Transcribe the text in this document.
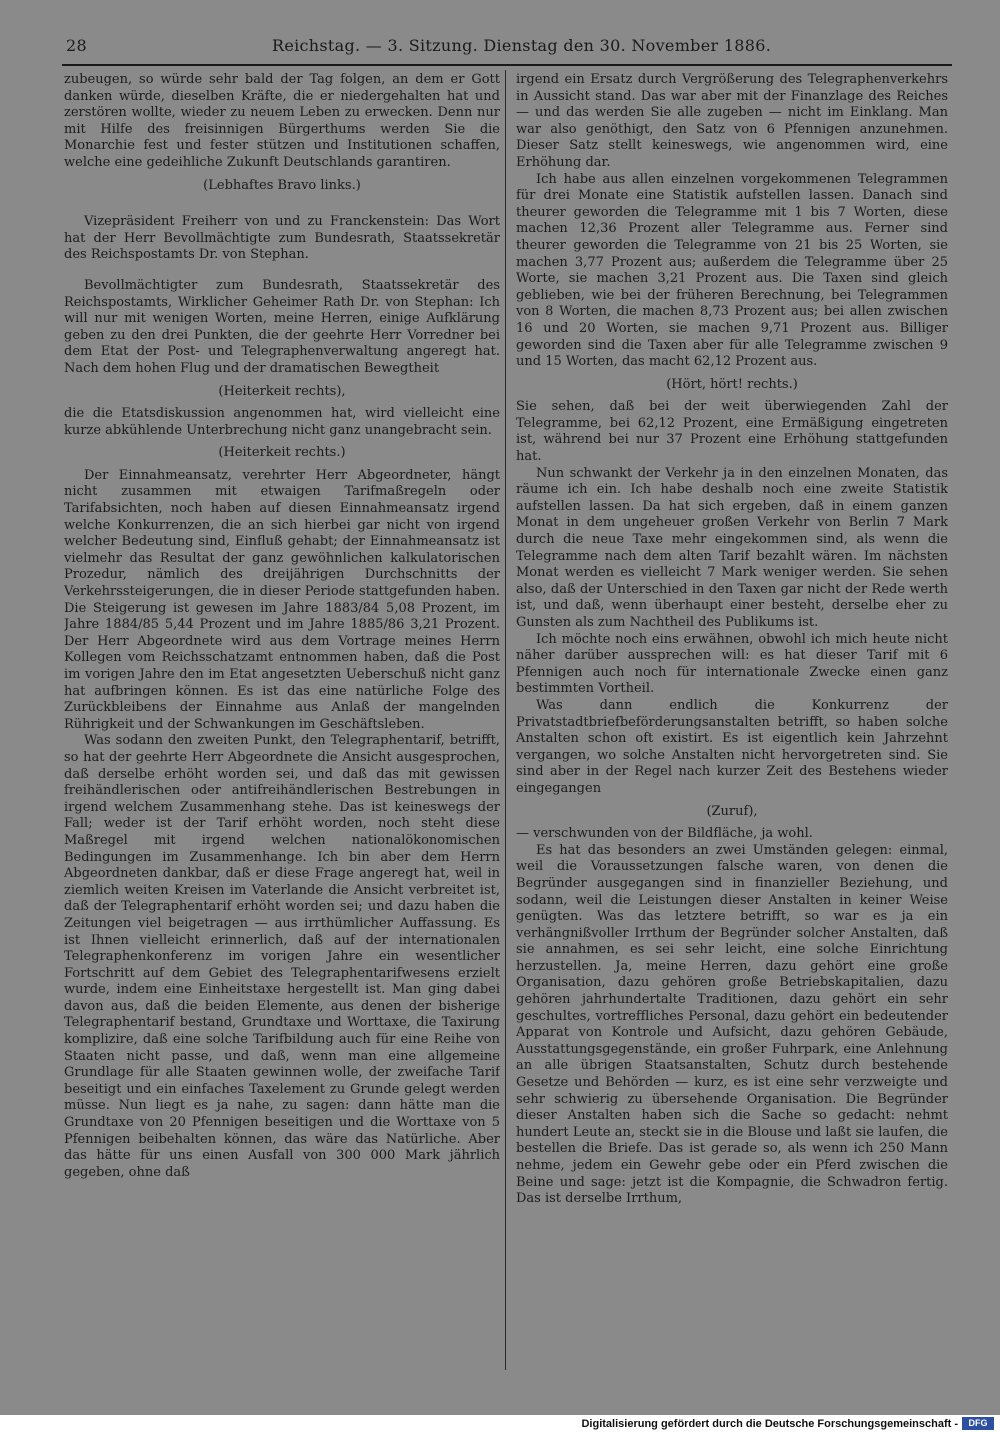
28	Reichstag. — 3. Sitzung. Dienstag den 30. November 1886.

zubeugen, so würde sehr bald der Tag folgen, an dem er Gott danken würde, dieselben Kräfte, die er niedergehalten hat und zerstören wollte, wieder zu neuem Leben zu erwecken. Denn nur mit Hilfe des freisinnigen Bürgerthums werden Sie die Monarchie fest und fester stützen und Institutionen schaffen, welche eine gedeihliche Zukunft Deutschlands garantiren.

(Lebhaftes Bravo links.)

Vizepräsident Freiherr von und zu Franckenstein: Das Wort hat der Herr Bevollmächtigte zum Bundesrath, Staatssekretär des Reichspostamts Dr. von Stephan.

Bevollmächtigter zum Bundesrath, Staatssekretär des Reichspostamts, Wirklicher Geheimer Rath Dr. von Stephan: Ich will nur mit wenigen Worten, meine Herren, einige Aufklärung geben zu den drei Punkten, die der geehrte Herr Vorredner bei dem Etat der Post- und Telegraphenverwaltung angeregt hat. Nach dem hohen Flug und der dramatischen Bewegtheit

(Heiterkeit rechts),

die die Etatsdiskussion angenommen hat, wird vielleicht eine kurze abkühlende Unterbrechung nicht ganz unangebracht sein.

(Heiterkeit rechts.)

Der Einnahmeansatz, verehrter Herr Abgeordneter, hängt nicht zusammen mit etwaigen Tarifmaßregeln oder Tarifabsichten, noch haben auf diesen Einnahmeansatz irgend welche Konkurrenzen, die an sich hierbei gar nicht von irgend welcher Bedeutung sind, Einfluß gehabt; der Einnahmeansatz ist vielmehr das Resultat der ganz gewöhnlichen kalkulatorischen Prozedur, nämlich des dreijährigen Durchschnitts der Verkehrssteigerungen, die in dieser Periode stattgefunden haben. Die Steigerung ist gewesen im Jahre 1883/84 5,08 Prozent, im Jahre 1884/85 5,44 Prozent und im Jahre 1885/86 3,21 Prozent. Der Herr Abgeordnete wird aus dem Vortrage meines Herrn Kollegen vom Reichsschatzamt entnommen haben, daß die Post im vorigen Jahre den im Etat angesetzten Ueberschuß nicht ganz hat aufbringen können. Es ist das eine natürliche Folge des Zurückbleibens der Einnahme aus Anlaß der mangelnden Rührigkeit und der Schwankungen im Geschäftsleben.

Was sodann den zweiten Punkt, den Telegraphentarif, betrifft, so hat der geehrte Herr Abgeordnete die Ansicht ausgesprochen, daß derselbe erhöht worden sei, und daß das mit gewissen freihändlerischen oder antifreihändlerischen Bestrebungen in irgend welchem Zusammenhang stehe. Das ist keineswegs der Fall; weder ist der Tarif erhöht worden, noch steht diese Maßregel mit irgend welchen nationalökonomischen Bedingungen im Zusammenhange. Ich bin aber dem Herrn Abgeordneten dankbar, daß er diese Frage angeregt hat, weil in ziemlich weiten Kreisen im Vaterlande die Ansicht verbreitet ist, daß der Telegraphentarif erhöht worden sei; und dazu haben die Zeitungen viel beigetragen — aus irrthümlicher Auffassung. Es ist Ihnen vielleicht erinnerlich, daß auf der internationalen Telegraphenkonferenz im vorigen Jahre ein wesentlicher Fortschritt auf dem Gebiet des Telegraphentarifwesens erzielt wurde, indem eine Einheitstaxe hergestellt ist. Man ging dabei davon aus, daß die beiden Elemente, aus denen der bisherige Telegraphentarif bestand, Grundtaxe und Worttaxe, die Taxirung komplizire, daß eine solche Tarifbildung auch für eine Reihe von Staaten nicht passe, und daß, wenn man eine allgemeine Grundlage für alle Staaten gewinnen wolle, der zweifache Tarif beseitigt und ein einfaches Taxelement zu Grunde gelegt werden müsse. Nun liegt es ja nahe, zu sagen: dann hätte man die Grundtaxe von 20 Pfennigen beseitigen und die Worttaxe von 5 Pfennigen beibehalten können, das wäre das Natürliche. Aber das hätte für uns einen Ausfall von 300 000 Mark jährlich gegeben, ohne daß

irgend ein Ersatz durch Vergrößerung des Telegraphenverkehrs in Aussicht stand. Das war aber mit der Finanzlage des Reiches — und das werden Sie alle zugeben — nicht im Einklang. Man war also genöthigt, den Satz von 6 Pfennigen anzunehmen. Dieser Satz stellt keineswegs, wie angenommen wird, eine Erhöhung dar.

Ich habe aus allen einzelnen vorgekommenen Telegrammen für drei Monate eine Statistik aufstellen lassen. Danach sind theurer geworden die Telegramme mit 1 bis 7 Worten, diese machen 12,36 Prozent aller Telegramme aus. Ferner sind theurer geworden die Telegramme von 21 bis 25 Worten, sie machen 3,77 Prozent aus; außerdem die Telegramme über 25 Worte, sie machen 3,21 Prozent aus. Die Taxen sind gleich geblieben, wie bei der früheren Berechnung, bei Telegrammen von 8 Worten, die machen 8,73 Prozent aus; bei allen zwischen 16 und 20 Worten, sie machen 9,71 Prozent aus. Billiger geworden sind die Taxen aber für alle Telegramme zwischen 9 und 15 Worten, das macht 62,12 Prozent aus.

(Hört, hört! rechts.)

Sie sehen, daß bei der weit überwiegenden Zahl der Telegramme, bei 62,12 Prozent, eine Ermäßigung eingetreten ist, während bei nur 37 Prozent eine Erhöhung stattgefunden hat.

Nun schwankt der Verkehr ja in den einzelnen Monaten, das räume ich ein. Ich habe deshalb noch eine zweite Statistik aufstellen lassen. Da hat sich ergeben, daß in einem ganzen Monat in dem ungeheuer großen Verkehr von Berlin 7 Mark durch die neue Taxe mehr eingekommen sind, als wenn die Telegramme nach dem alten Tarif bezahlt wären. Im nächsten Monat werden es vielleicht 7 Mark weniger werden. Sie sehen also, daß der Unterschied in den Taxen gar nicht der Rede werth ist, und daß, wenn überhaupt einer besteht, derselbe eher zu Gunsten als zum Nachtheil des Publikums ist.

Ich möchte noch eins erwähnen, obwohl ich mich heute nicht näher darüber aussprechen will: es hat dieser Tarif mit 6 Pfennigen auch noch für internationale Zwecke einen ganz bestimmten Vortheil.

Was dann endlich die Konkurrenz der Privatstadtbriefbeförderungsanstalten betrifft, so haben solche Anstalten schon oft existirt. Es ist eigentlich kein Jahrzehnt vergangen, wo solche Anstalten nicht hervorgetreten sind. Sie sind aber in der Regel nach kurzer Zeit des Bestehens wieder eingegangen

(Zuruf),

— verschwunden von der Bildfläche, ja wohl.

Es hat das besonders an zwei Umständen gelegen: einmal, weil die Voraussetzungen falsche waren, von denen die Begründer ausgegangen sind in finanzieller Beziehung, und sodann, weil die Leistungen dieser Anstalten in keiner Weise genügten. Was das letztere betrifft, so war es ja ein verhängnißvoller Irrthum der Begründer solcher Anstalten, daß sie annahmen, es sei sehr leicht, eine solche Einrichtung herzustellen. Ja, meine Herren, dazu gehört eine große Organisation, dazu gehören große Betriebskapitalien, dazu gehören jahrhundertalte Traditionen, dazu gehört ein sehr geschultes, vortreffliches Personal, dazu gehört ein bedeutender Apparat von Kontrole und Aufsicht, dazu gehören Gebäude, Ausstattungsgegenstände, ein großer Fuhrpark, eine Anlehnung an alle übrigen Staatsanstalten, Schutz durch bestehende Gesetze und Behörden — kurz, es ist eine sehr verzweigte und sehr schwierig zu übersehende Organisation. Die Begründer dieser Anstalten haben sich die Sache so gedacht: nehmt hundert Leute an, steckt sie in die Blouse und laßt sie laufen, die bestellen die Briefe. Das ist gerade so, als wenn ich 250 Mann nehme, jedem ein Gewehr gebe oder ein Pferd zwischen die Beine und sage: jetzt ist die Kompagnie, die Schwadron fertig. Das ist derselbe Irrthum,

Digitalisierung gefördert durch die Deutsche Forschungsgemeinschaft -	DFG
